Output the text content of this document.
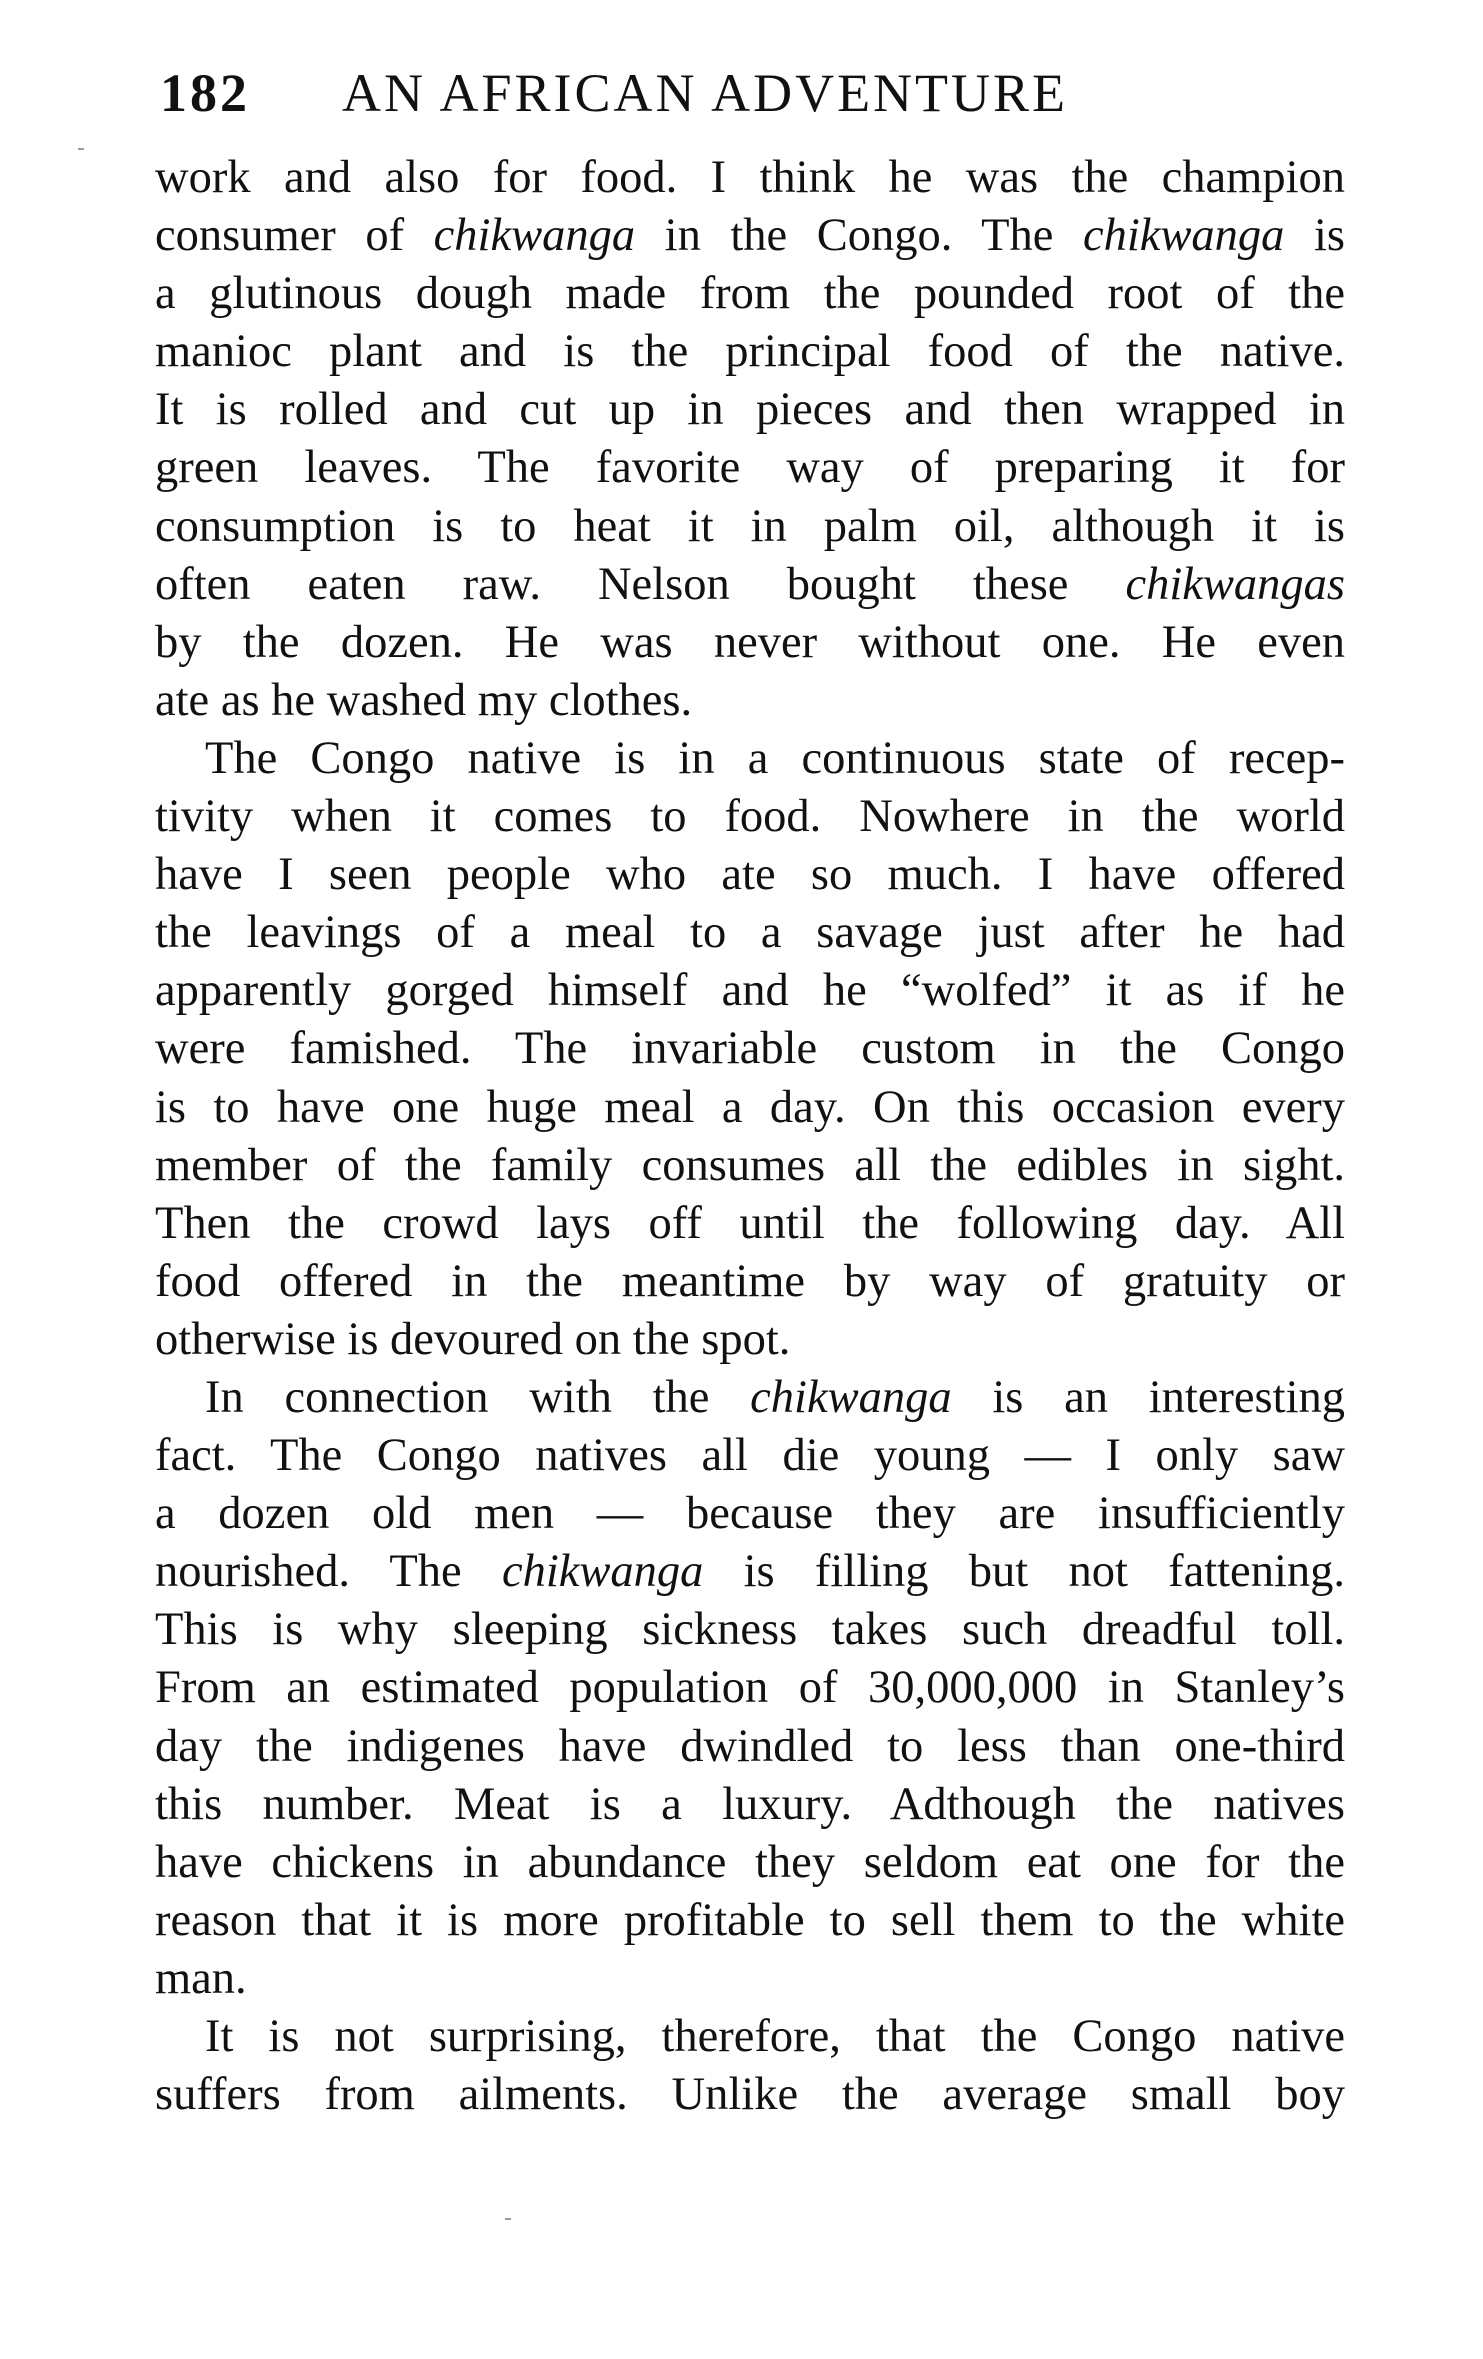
182 AN AFRICAN ADVENTURE
work and also for food. I think he was the champion
consumer of chikwanga in the Congo. The chikwanga is
a glutinous dough made from the pounded root of the
manioc plant and is the principal food of the native.
It is rolled and cut up in pieces and then wrapped in
green leaves. The favorite way of preparing it for
consumption is to heat it in palm oil, although it is
often eaten raw. Nelson bought these chikwangas
by the dozen. He was never without one. He even
ate as he washed my clothes.
The Congo native is in a continuous state of recep-
tivity when it comes to food. Nowhere in the world
have I seen people who ate so much. I have offered
the leavings of a meal to a savage just after he had
apparently gorged himself and he “wolfed” it as if he
were famished. The invariable custom in the Congo
is to have one huge meal a day. On this occasion every
member of the family consumes all the edibles in sight.
Then the crowd lays off until the following day. All
food offered in the meantime by way of gratuity or
otherwise is devoured on the spot.
In connection with the chikwanga is an interesting
fact. The Congo natives all die young — I only saw
a dozen old men — because they are insufficiently
nourished. The chikwanga is filling but not fattening.
This is why sleeping sickness takes such dreadful toll.
From an estimated population of 30,000,000 in Stanley’s
day the indigenes have dwindled to less than one-third
this number. Meat is a luxury. Adthough the natives
have chickens in abundance they seldom eat one for the
reason that it is more profitable to sell them to the white
man.
It is not surprising, therefore, that the Congo native
suffers from ailments. Unlike the average small boy
